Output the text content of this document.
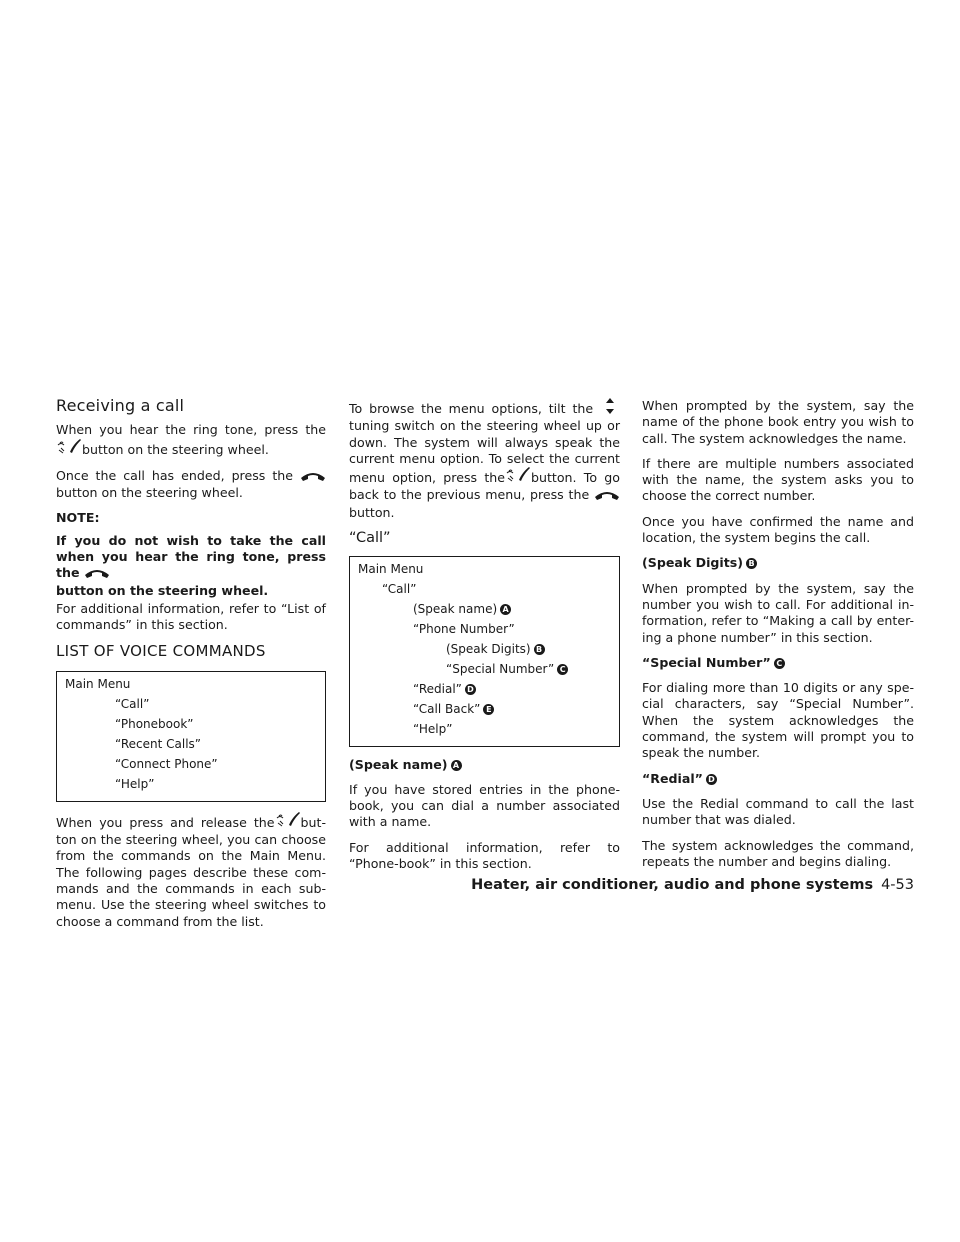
Receiving a call

When you hear the ring tone, press thebutton on the steering wheel.

Once the call has ended, press the  button on the steering wheel.

NOTE:

If you do not wish to take the call when you hear the ring tone, press the
button on the steering wheel.

For additional information, refer to “List of commands” in this section.

LIST OF VOICE COMMANDS
Main Menu
“Call”
“Phonebook”
“Recent Calls”
“Connect Phone”
“Help”

When you press and release the but-ton on the steering wheel, you can choose from the commands on the Main Menu. The following pages describe these com-mands and the commands in each sub-menu. Use the steering wheel switches to choose a command from the list.

To browse the menu options, tilt the  tuning switch on the steering wheel up or down. The system will always speak the current menu option. To select the current menu option, press the button. To go back to the previous menu, press the  button.

“Call”
Main Menu
“Call”
(Speak name) A
“Phone Number”
(Speak Digits) B
“Special Number” C
“Redial” D
“Call Back” E
“Help”
(Speak name) A

If you have stored entries in the phone-book, you can dial a number associated with a name.

For additional information, refer to “Phone-book” in this section.

When prompted by the system, say the name of the phone book entry you wish to call. The system acknowledges the name.

If there are multiple numbers associated with the name, the system asks you to choose the correct number.

Once you have confirmed the name and location, the system begins the call.

(Speak Digits) B

When prompted by the system, say the number you wish to call. For additional in-formation, refer to “Making a call by enter-ing a phone number” in this section.

“Special Number” C

For dialing more than 10 digits or any spe-cial characters, say “Special Number”. When the system acknowledges the command, the system will prompt you to speak the number.

“Redial” D

Use the Redial command to call the last number that was dialed.

The system acknowledges the command, repeats the number and begins dialing.

Heater, air conditioner, audio and phone systems 4-53
